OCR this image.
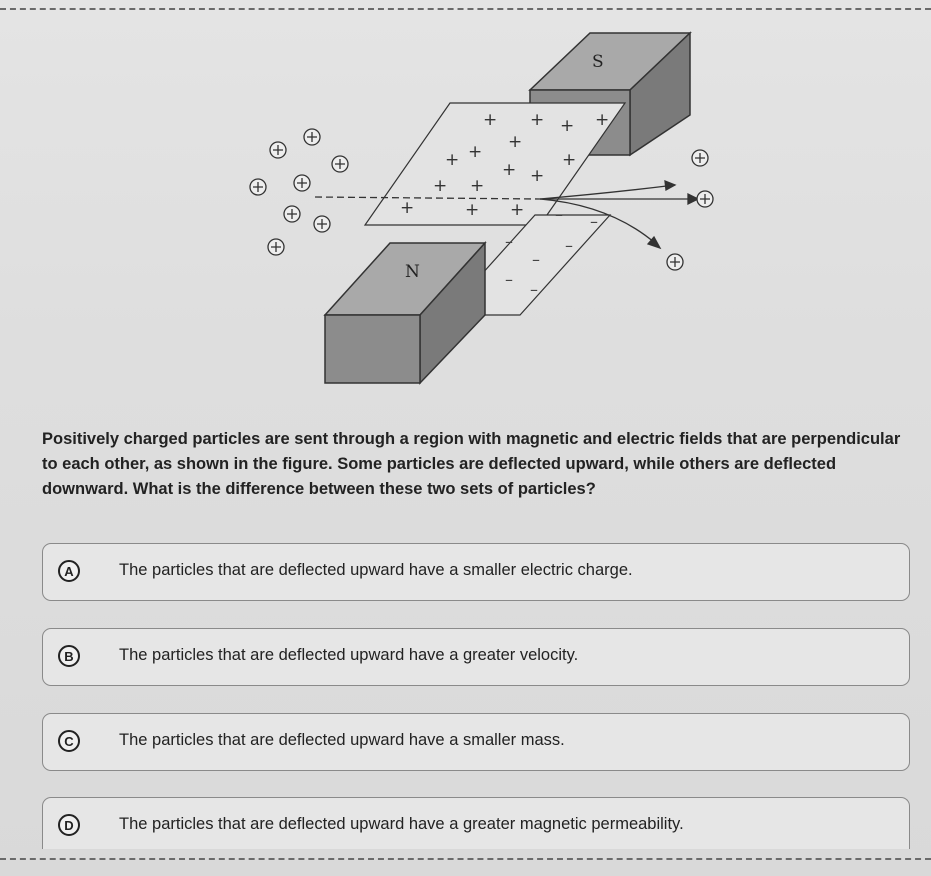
S
+ + + +
+ + +
+ +
+
+ +
+	+ + – –
–	–
–
–
–
N
Positively charged particles are sent through a region with magnetic and electric fields that are perpendicular to each other, as shown in the figure. Some particles are deflected upward, while others are deflected downward. What is the difference between these two sets of particles?
A	The particles that are deflected upward have a smaller electric charge.
B	The particles that are deflected upward have a greater velocity.
C	The particles that are deflected upward have a smaller mass.
D	The particles that are deflected upward have a greater magnetic permeability.
